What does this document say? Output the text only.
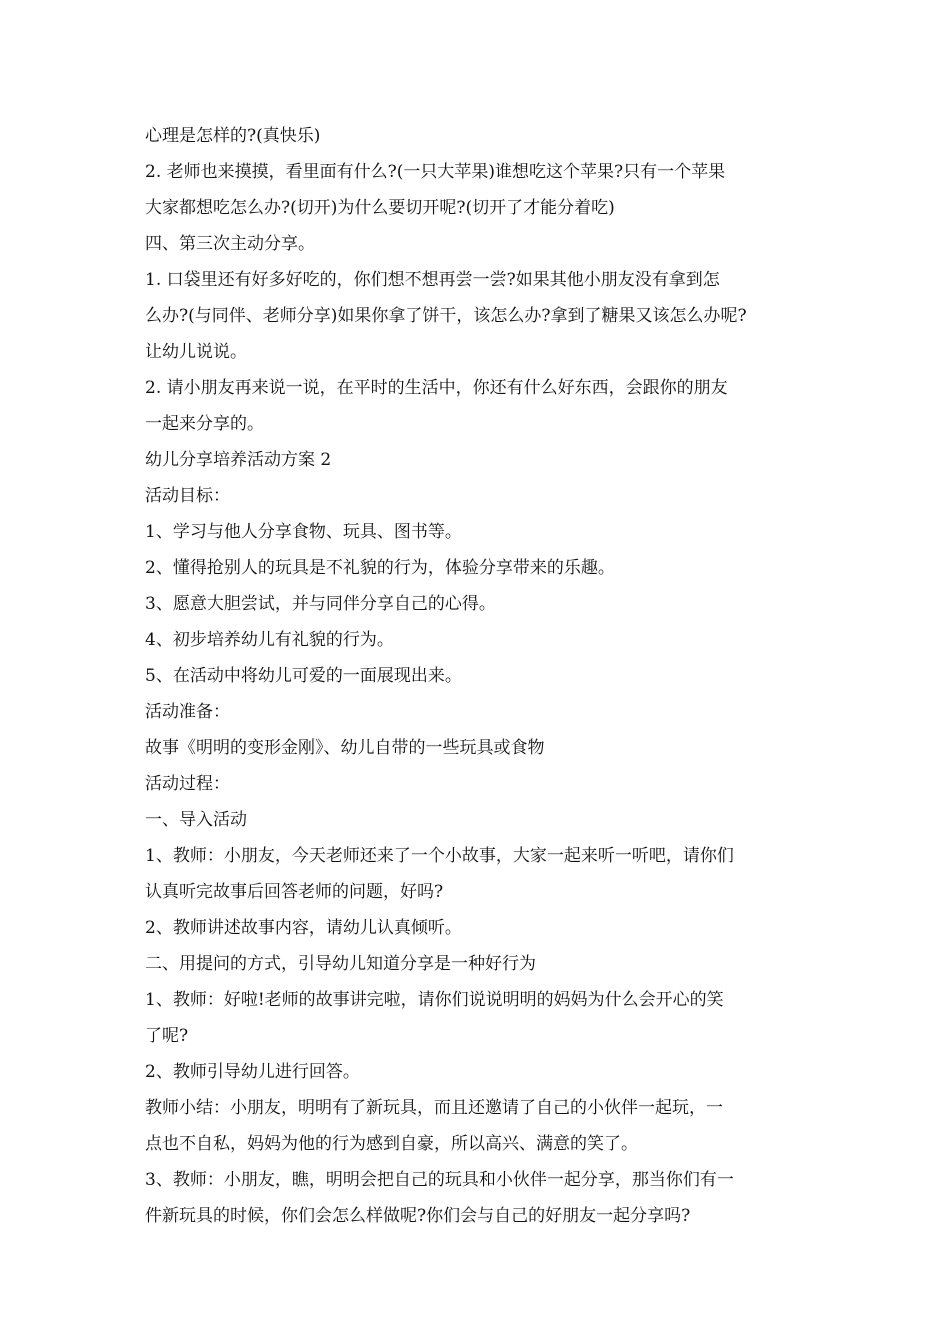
心理是怎样的?(真快乐)
2. 老师也来摸摸，看里面有什么?(一只大苹果)谁想吃这个苹果?只有一个苹果
大家都想吃怎么办?(切开)为什么要切开呢?(切开了才能分着吃)
四、第三次主动分享。
1. 口袋里还有好多好吃的，你们想不想再尝一尝?如果其他小朋友没有拿到怎
么办?(与同伴、老师分享)如果你拿了饼干，该怎么办?拿到了糖果又该怎么办呢?
让幼儿说说。
2. 请小朋友再来说一说，在平时的生活中，你还有什么好东西，会跟你的朋友
一起来分享的。
幼儿分享培养活动方案 2
活动目标：
1、学习与他人分享食物、玩具、图书等。
2、懂得抢别人的玩具是不礼貌的行为，体验分享带来的乐趣。
3、愿意大胆尝试，并与同伴分享自己的心得。
4、初步培养幼儿有礼貌的行为。
5、在活动中将幼儿可爱的一面展现出来。
活动准备：
故事《明明的变形金刚》、幼儿自带的一些玩具或食物
活动过程：
一、导入活动
1、教师：小朋友，今天老师还来了一个小故事，大家一起来听一听吧，请你们
认真听完故事后回答老师的问题，好吗?
2、教师讲述故事内容，请幼儿认真倾听。
二、用提问的方式，引导幼儿知道分享是一种好行为
1、教师：好啦!老师的故事讲完啦，请你们说说明明的妈妈为什么会开心的笑
了呢?
2、教师引导幼儿进行回答。
教师小结：小朋友，明明有了新玩具，而且还邀请了自己的小伙伴一起玩，一
点也不自私，妈妈为他的行为感到自豪，所以高兴、满意的笑了。
3、教师：小朋友，瞧，明明会把自己的玩具和小伙伴一起分享，那当你们有一
件新玩具的时候，你们会怎么样做呢?你们会与自己的好朋友一起分享吗?
